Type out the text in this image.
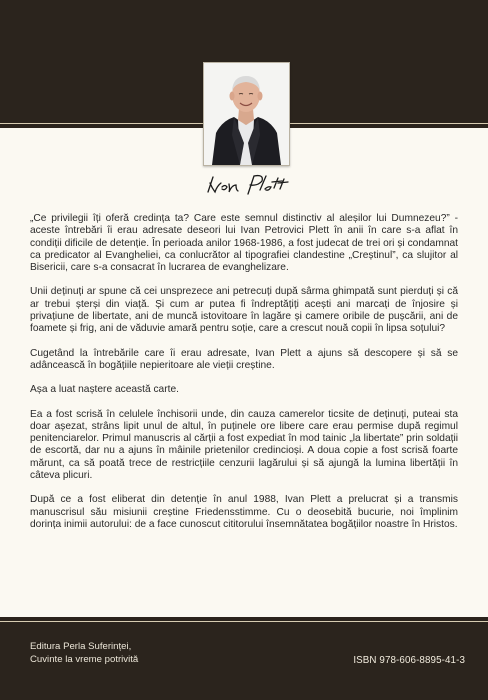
„Ce privilegii îți oferă credința ta? Care este semnul distinctiv al aleșilor lui Dumnezeu?” - aceste întrebări îi erau adresate deseori lui Ivan Petrovici Plett în anii în care s-a aflat în condiții dificile de detenție. În perioada anilor 1968-1986, a fost judecat de trei ori și condamnat ca predicator al Evangheliei, ca conlucrător al tipografiei clandestine „Creștinul”, ca slujitor al Bisericii, care s-a consacrat în lucrarea de evanghelizare.

Unii deținuți ar spune că cei unsprezece ani petrecuți după sârma ghimpată sunt pierduți și că ar trebui șterși din viață. Și cum ar putea fi îndreptățiți acești ani marcați de înjosire și privațiune de libertate, ani de muncă istovitoare în lagăre și camere oribile de pușcării, ani de foamete și frig, ani de văduvie amară pentru soție, care a crescut nouă copii în lipsa soțului?

Cugetând la întrebările care îi erau adresate, Ivan Plett a ajuns să descopere și să se adâncească în bogățiile nepieritoare ale vieții creștine.

Așa a luat naștere această carte.

Ea a fost scrisă în celulele închisorii unde, din cauza camerelor ticsite de deținuți, puteai sta doar așezat, strâns lipit unul de altul, în puținele ore libere care erau permise după regimul penitenciarelor. Primul manuscris al cărții a fost expediat în mod tainic „la libertate” prin soldații de escortă, dar nu a ajuns în mâinile prietenilor credincioși. A doua copie a fost scrisă foarte mărunt, ca să poată trece de restricțiile cenzurii lagărului și să ajungă la lumina libertății în câteva plicuri.

După ce a fost eliberat din detenție în anul 1988, Ivan Plett a prelucrat și a transmis manuscrisul său misiunii creștine Friedensstimme. Cu o deosebită bucurie, noi împlinim dorința inimii autorului: de a face cunoscut cititorului însemnătatea bogățiilor noastre în Hristos.

Editura Perla Suferinței,
Cuvinte la vreme potrivită	ISBN 978-606-8895-41-3
